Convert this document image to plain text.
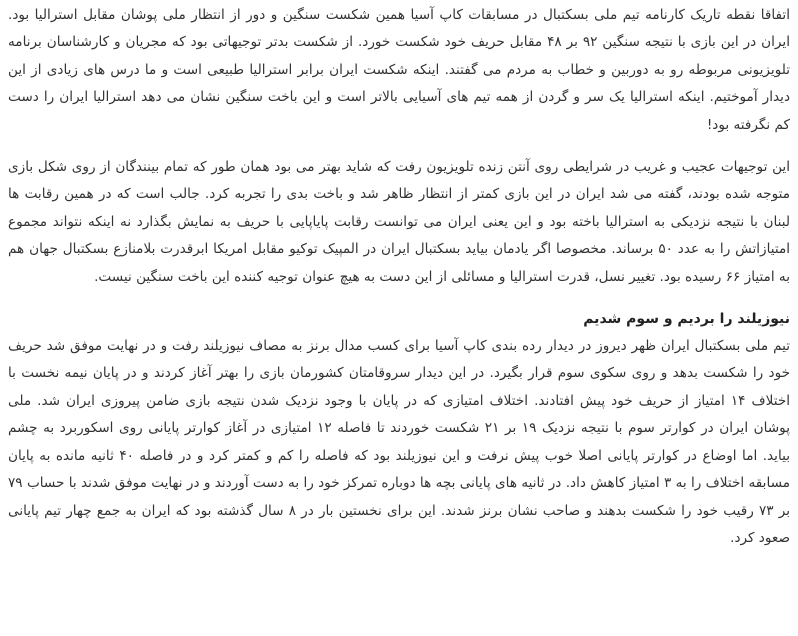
اتفاقا نقطه تاریک کارنامه تیم ملی بسکتبال در مسابقات کاپ آسیا همین شکست سنگین و دور از انتظار ملی پوشان مقابل استرالیا بود. ایران در این بازی با نتیجه سنگین ۹۲ بر ۴۸ مقابل حریف خود شکست خورد. از شکست بدتر توجیهاتی بود که مجریان و کارشناسان برنامه تلویزیونی مربوطه رو به دوربین و خطاب به مردم می گفتند. اینکه شکست ایران برابر استرالیا طبیعی است و ما درس های زیادی از این دیدار آموختیم. اینکه استرالیا یک سر و گردن از همه تیم های آسیایی بالاتر است و این باخت سنگین نشان می دهد استرالیا ایران را دست کم نگرفته بود!

این توجیهات عجیب و غریب در شرایطی روی آنتن زنده تلویزیون رفت که شاید بهتر می بود همان طور که تمام بینندگان از روی شکل بازی متوجه شده بودند، گفته می شد ایران در این بازی کمتر از انتظار ظاهر شد و باخت بدی را تجربه کرد. جالب است که در همین رقابت ها لبنان با نتیجه نزدیکی به استرالیا باخته بود و این یعنی ایران می توانست رقابت پایاپایی با حریف به نمایش بگذارد نه اینکه نتواند مجموع امتیازاتش را به عدد ۵۰ برساند. مخصوصا اگر یادمان بیاید بسکتبال ایران در المپیک توکیو مقابل امریکا ابرقدرت بلامنازع بسکتبال جهان هم به امتیاز ۶۶ رسیده بود. تغییر نسل، قدرت استرالیا و مسائلی از این دست به هیچ عنوان توجیه کننده این باخت سنگین نیست.

نیوزیلند را بردیم و سوم شدیم

تیم ملی بسکتبال ایران ظهر دیروز در دیدار رده بندی کاپ آسیا برای کسب مدال برنز به مصاف نیوزیلند رفت و در نهایت موفق شد حریف خود را شکست بدهد و روی سکوی سوم قرار بگیرد. در این دیدار سروقامتان کشورمان بازی را بهتر آغاز کردند و در پایان نیمه نخست با اختلاف ۱۴ امتیاز از حریف خود پیش افتادند. اختلاف امتیازی که در پایان با وجود نزدیک شدن نتیجه بازی ضامن پیروزی ایران شد. ملی پوشان ایران در کوارتر سوم با نتیجه نزدیک ۱۹ بر ۲۱ شکست خوردند تا فاصله ۱۲ امتیازی در آغاز کوارتر پایانی روی اسکوربرد به چشم بیاید. اما اوضاع در کوارتر پایانی اصلا خوب پیش نرفت و این نیوزیلند بود که فاصله را کم و کمتر کرد و در فاصله ۴۰ ثانیه مانده به پایان مسابقه اختلاف را به ۳ امتیاز کاهش داد. در ثانیه های پایانی بچه ها دوباره تمرکز خود را به دست آوردند و در نهایت موفق شدند با حساب ۷۹ بر ۷۳ رقیب خود را شکست بدهند و صاحب نشان برنز شدند. این برای نخستین بار در ۸ سال گذشته بود که ایران به جمع چهار تیم پایانی صعود کرد.
